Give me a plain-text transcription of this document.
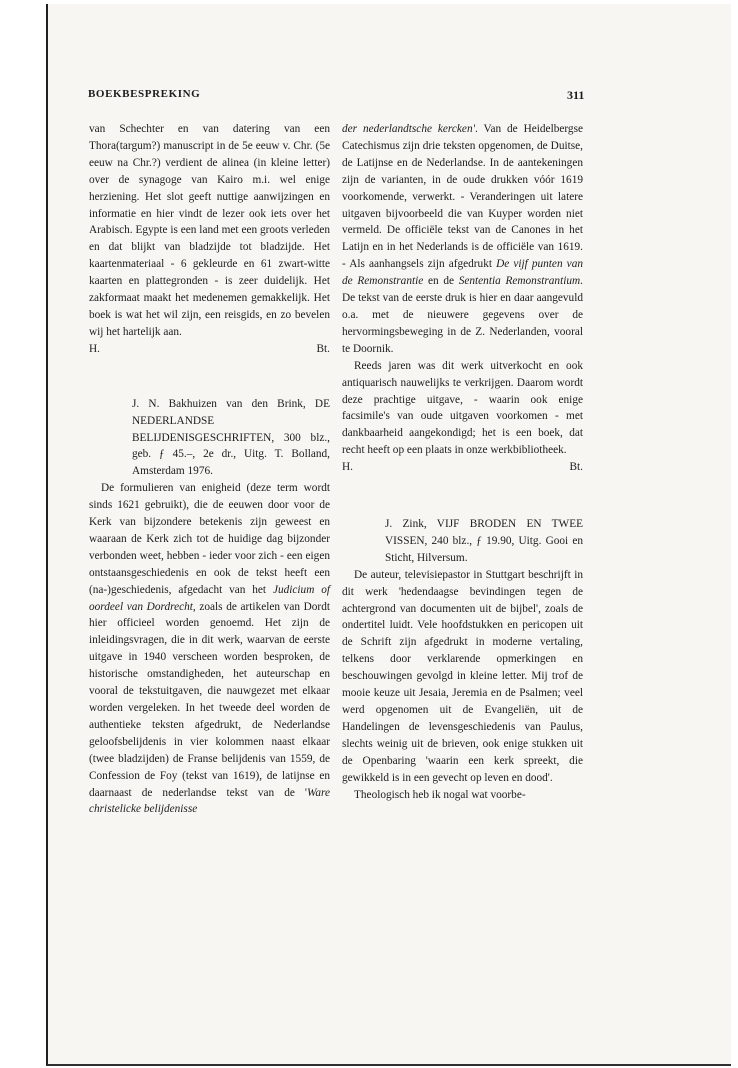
BOEKBESPREKING	311

van Schechter en van datering van een Thora(targum?) manuscript in de 5e eeuw v. Chr. (5e eeuw na Chr.?) verdient de alinea (in kleine letter) over de synagoge van Kairo m.i. wel enige herziening. Het slot geeft nuttige aanwijzingen en informatie en hier vindt de lezer ook iets over het Arabisch. Egypte is een land met een groots verleden en dat blijkt van bladzijde tot bladzijde. Het kaartenmateriaal - 6 gekleurde en 61 zwart-witte kaarten en plattegronden - is zeer duidelijk. Het zakformaat maakt het medenemen gemakkelijk. Het boek is wat het wil zijn, een reisgids, en zo bevelen wij het hartelijk aan.

H.	Bt.

J. N. Bakhuizen van den Brink, DE NEDERLANDSE BELIJDENISGESCHRIFTEN, 300 blz., geb. ƒ 45.–, 2e dr., Uitg. T. Bolland, Amsterdam 1976.

De formulieren van enigheid (deze term wordt sinds 1621 gebruikt), die de eeuwen door voor de Kerk van bijzondere betekenis zijn geweest en waaraan de Kerk zich tot de huidige dag bijzonder verbonden weet, hebben - ieder voor zich - een eigen ontstaansgeschiedenis en ook de tekst heeft een (na-)geschiedenis, afgedacht van het Judicium of oordeel van Dordrecht, zoals de artikelen van Dordt hier officieel worden genoemd. Het zijn de inleidingsvragen, die in dit werk, waarvan de eerste uitgave in 1940 verscheen worden besproken, de historische omstandigheden, het auteurschap en vooral de tekstuitgaven, die nauwgezet met elkaar worden vergeleken. In het tweede deel worden de authentieke teksten afgedrukt, de Nederlandse geloofsbelijdenis in vier kolommen naast elkaar (twee bladzijden) de Franse belijdenis van 1559, de Confession de Foy (tekst van 1619), de latijnse en daarnaast de nederlandse tekst van de 'Ware christelicke belijdenisse

der nederlandtsche kercken'. Van de Heidelbergse Catechismus zijn drie teksten opgenomen, de Duitse, de Latijnse en de Nederlandse. In de aantekeningen zijn de varianten, in de oude drukken vóór 1619 voorkomende, verwerkt. - Veranderingen uit latere uitgaven bijvoorbeeld die van Kuyper worden niet vermeld. De officiële tekst van de Canones in het Latijn en in het Nederlands is de officiële van 1619. - Als aanhangsels zijn afgedrukt De vijf punten van de Remonstrantie en de Sententia Remonstrantium. De tekst van de eerste druk is hier en daar aangevuld o.a. met de nieuwere gegevens over de hervormingsbeweging in de Z. Nederlanden, vooral te Doornik.

Reeds jaren was dit werk uitverkocht en ook antiquarisch nauwelijks te verkrijgen. Daarom wordt deze prachtige uitgave, - waarin ook enige facsimile's van oude uitgaven voorkomen - met dankbaarheid aangekondigd; het is een boek, dat recht heeft op een plaats in onze werkbibliotheek.

H.	Bt.

J. Zink, VIJF BRODEN EN TWEE VISSEN, 240 blz., ƒ 19.90, Uitg. Gooi en Sticht, Hilversum.

De auteur, televisiepastor in Stuttgart beschrijft in dit werk 'hedendaagse bevindingen tegen de achtergrond van documenten uit de bijbel', zoals de ondertitel luidt. Vele hoofdstukken en pericopen uit de Schrift zijn afgedrukt in moderne vertaling, telkens door verklarende opmerkingen en beschouwingen gevolgd in kleine letter. Mij trof de mooie keuze uit Jesaia, Jeremia en de Psalmen; veel werd opgenomen uit de Evangeliën, uit de Handelingen de levensgeschiedenis van Paulus, slechts weinig uit de brieven, ook enige stukken uit de Openbaring 'waarin een kerk spreekt, die gewikkeld is in een gevecht op leven en dood'.

Theologisch heb ik nogal wat voorbe-
